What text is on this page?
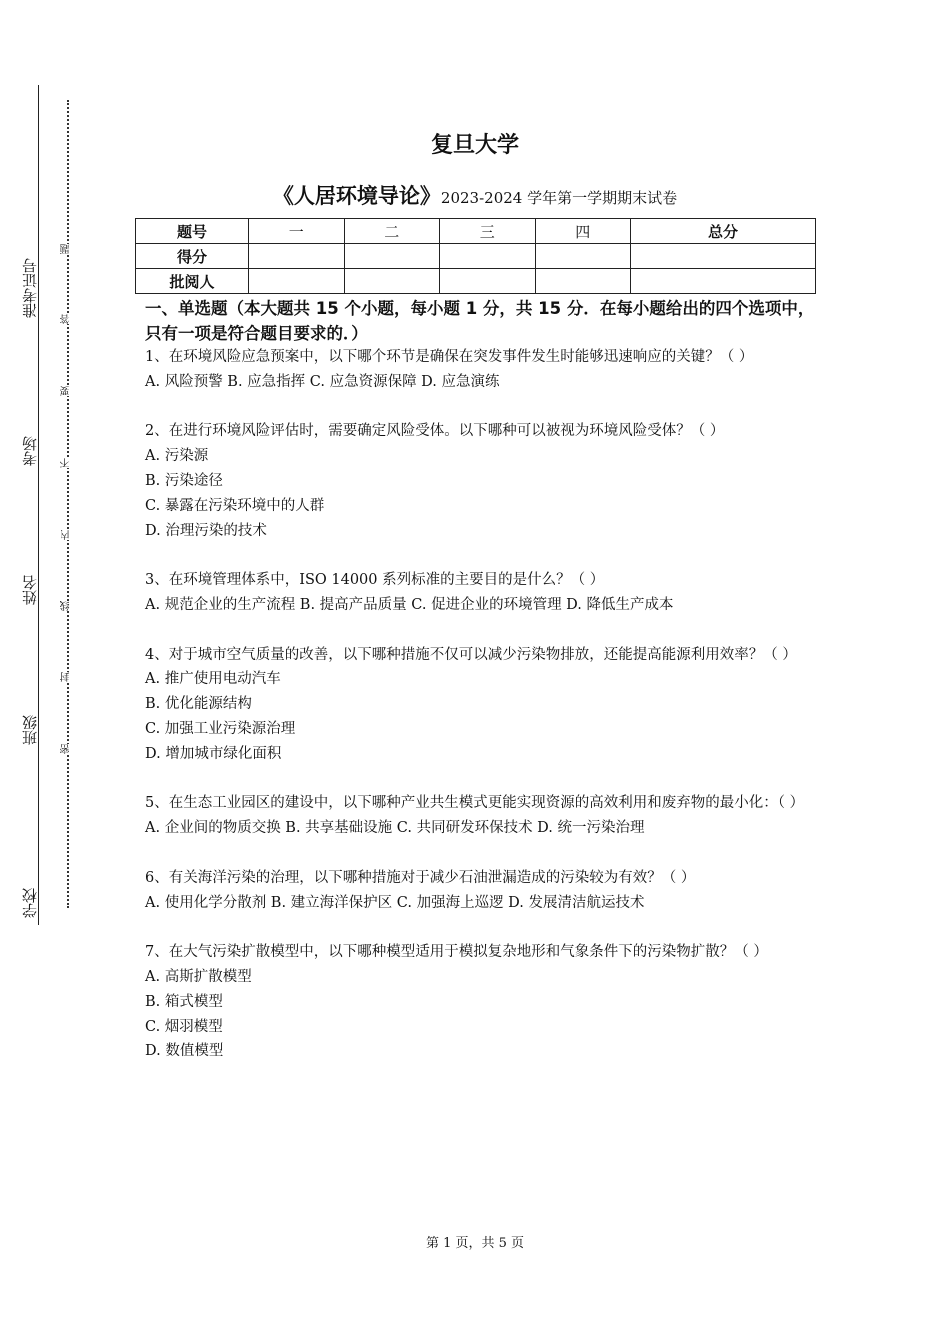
准考证号
考场
姓名
班级
学校
题
答
要
不
内
线
封
密
复旦大学
《人居环境导论》2023-2024 学年第一学期期末试卷
题号	一	二	三	四	总分
得分					
批阅人					
一、单选题（本大题共 15 个小题，每小题 1 分，共 15 分．在每小题给出的四个选项中，只有一项是符合题目要求的．）

1、在环境风险应急预案中，以下哪个环节是确保在突发事件发生时能够迅速响应的关键？（ ）

A. 风险预警 B. 应急指挥 C. 应急资源保障 D. 应急演练

2、在进行环境风险评估时，需要确定风险受体。以下哪种可以被视为环境风险受体？（ ）

A. 污染源

B. 污染途径

C. 暴露在污染环境中的人群

D. 治理污染的技术

3、在环境管理体系中，ISO 14000 系列标准的主要目的是什么？（ ）

A. 规范企业的生产流程 B. 提高产品质量 C. 促进企业的环境管理 D. 降低生产成本

4、对于城市空气质量的改善，以下哪种措施不仅可以减少污染物排放，还能提高能源利用效率？（ ）

A. 推广使用电动汽车

B. 优化能源结构

C. 加强工业污染源治理

D. 增加城市绿化面积

5、在生态工业园区的建设中，以下哪种产业共生模式更能实现资源的高效利用和废弃物的最小化：（ ）

A. 企业间的物质交换 B. 共享基础设施 C. 共同研发环保技术 D. 统一污染治理

6、有关海洋污染的治理，以下哪种措施对于减少石油泄漏造成的污染较为有效？（ ）

A. 使用化学分散剂 B. 建立海洋保护区 C. 加强海上巡逻 D. 发展清洁航运技术

7、在大气污染扩散模型中，以下哪种模型适用于模拟复杂地形和气象条件下的污染物扩散？（ ）

A. 高斯扩散模型

B. 箱式模型

C. 烟羽模型

D. 数值模型

第 1 页，共 5 页
